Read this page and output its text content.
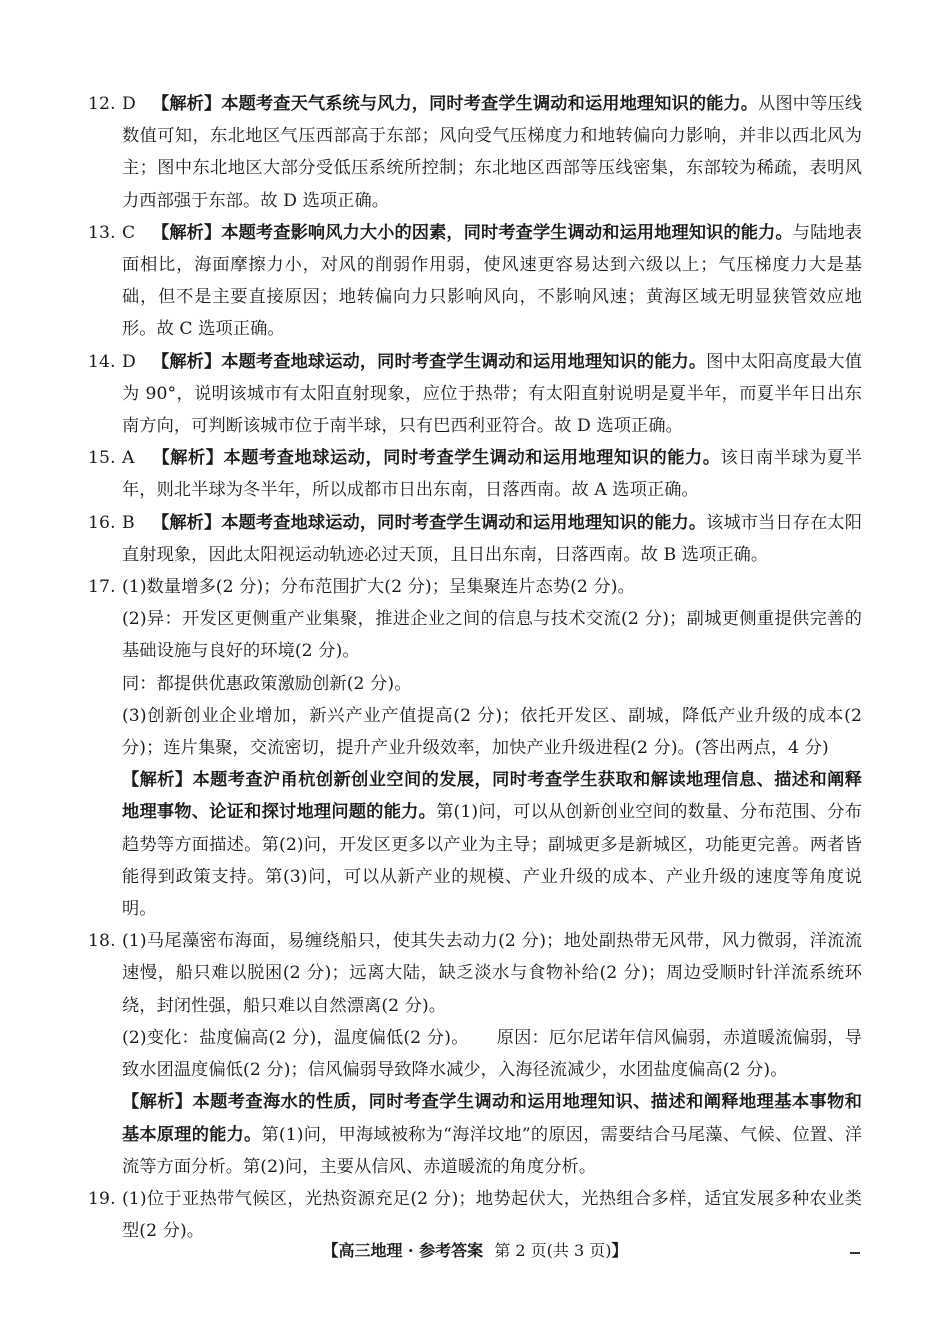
12. D 【解析】本题考查天气系统与风力，同时考查学生调动和运用地理知识的能力。从图中等压线数值可知，东北地区气压西部高于东部；风向受气压梯度力和地转偏向力影响，并非以西北风为主；图中东北地区大部分受低压系统所控制；东北地区西部等压线密集，东部较为稀疏，表明风力西部强于东部。故 D 选项正确。
13. C 【解析】本题考查影响风力大小的因素，同时考查学生调动和运用地理知识的能力。与陆地表面相比，海面摩擦力小，对风的削弱作用弱，使风速更容易达到六级以上；气压梯度力大是基础，但不是主要直接原因；地转偏向力只影响风向，不影响风速；黄海区域无明显狭管效应地形。故 C 选项正确。
14. D 【解析】本题考查地球运动，同时考查学生调动和运用地理知识的能力。图中太阳高度最大值为 90°，说明该城市有太阳直射现象，应位于热带；有太阳直射说明是夏半年，而夏半年日出东南方向，可判断该城市位于南半球，只有巴西利亚符合。故 D 选项正确。
15. A 【解析】本题考查地球运动，同时考查学生调动和运用地理知识的能力。该日南半球为夏半年，则北半球为冬半年，所以成都市日出东南，日落西南。故 A 选项正确。
16. B 【解析】本题考查地球运动，同时考查学生调动和运用地理知识的能力。该城市当日存在太阳直射现象，因此太阳视运动轨迹必过天顶，且日出东南，日落西南。故 B 选项正确。
17. (1)数量增多(2 分)；分布范围扩大(2 分)；呈集聚连片态势(2 分)。
(2)异：开发区更侧重产业集聚，推进企业之间的信息与技术交流(2 分)；副城更侧重提供完善的基础设施与良好的环境(2 分)。
同：都提供优惠政策激励创新(2 分)。
(3)创新创业企业增加，新兴产业产值提高(2 分)；依托开发区、副城，降低产业升级的成本(2 分)；连片集聚，交流密切，提升产业升级效率，加快产业升级进程(2 分)。(答出两点，4 分)
【解析】本题考查沪甬杭创新创业空间的发展，同时考查学生获取和解读地理信息、描述和阐释地理事物、论证和探讨地理问题的能力。第(1)问，可以从创新创业空间的数量、分布范围、分布趋势等方面描述。第(2)问，开发区更多以产业为主导；副城更多是新城区，功能更完善。两者皆能得到政策支持。第(3)问，可以从新产业的规模、产业升级的成本、产业升级的速度等角度说明。
18. (1)马尾藻密布海面，易缠绕船只，使其失去动力(2 分)；地处副热带无风带，风力微弱，洋流流速慢，船只难以脱困(2 分)；远离大陆，缺乏淡水与食物补给(2 分)；周边受顺时针洋流系统环绕，封闭性强，船只难以自然漂离(2 分)。
(2)变化：盐度偏高(2 分)，温度偏低(2 分)。 原因：厄尔尼诺年信风偏弱，赤道暖流偏弱，导致水团温度偏低(2 分)；信风偏弱导致降水减少，入海径流减少，水团盐度偏高(2 分)。
【解析】本题考查海水的性质，同时考查学生调动和运用地理知识、描述和阐释地理基本事物和基本原理的能力。第(1)问，甲海域被称为“海洋坟地”的原因，需要结合马尾藻、气候、位置、洋流等方面分析。第(2)问，主要从信风、赤道暖流的角度分析。
19. (1)位于亚热带气候区，光热资源充足(2 分)；地势起伏大，光热组合多样，适宜发展多种农业类型(2 分)。
【高三地理 · 参考答案 第 2 页(共 3 页)】
